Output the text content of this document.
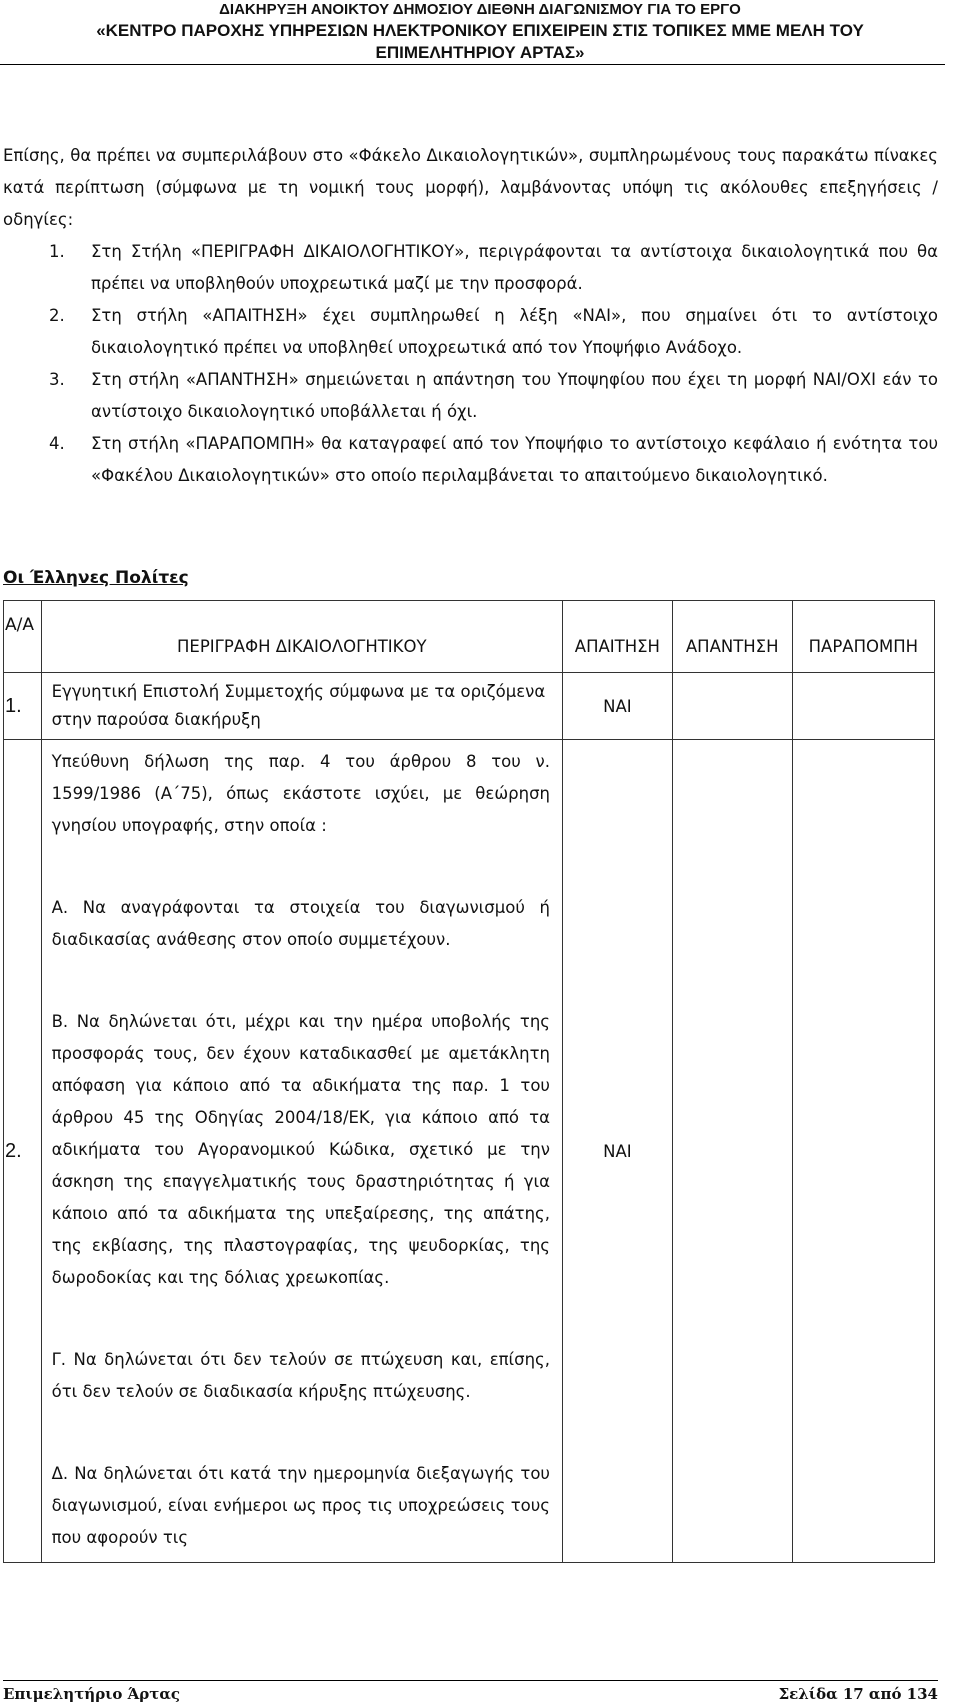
ΔΙΑΚΗΡΥΞΗ ΑΝΟΙΚΤΟΥ ΔΗΜΟΣΙΟΥ ΔΙΕΘΝΗ ΔΙΑΓΩΝΙΣΜΟΥ ΓΙΑ ΤΟ ΕΡΓΟ
«ΚΕΝΤΡΟ ΠΑΡΟΧΗΣ ΥΠΗΡΕΣΙΩΝ ΗΛΕΚΤΡΟΝΙΚΟΥ ΕΠΙΧΕΙΡΕΙΝ ΣΤΙΣ ΤΟΠΙΚΕΣ ΜΜΕ ΜΕΛΗ ΤΟΥ
ΕΠΙΜΕΛΗΤΗΡΙΟΥ ΑΡΤΑΣ»

Επίσης, θα πρέπει να συμπεριλάβουν στο «Φάκελο Δικαιολογητικών», συμπληρωμένους τους παρακάτω πίνακες κατά περίπτωση (σύμφωνα με τη νομική τους μορφή), λαμβάνοντας υπόψη τις ακόλουθες επεξηγήσεις / οδηγίες:

1. Στη Στήλη «ΠΕΡΙΓΡΑΦΗ ΔΙΚΑΙΟΛΟΓΗΤΙΚΟΥ», περιγράφονται τα αντίστοιχα δικαιολογητικά που θα πρέπει να υποβληθούν υποχρεωτικά μαζί με την προσφορά.
2. Στη στήλη «ΑΠΑΙΤΗΣΗ» έχει συμπληρωθεί η λέξη «ΝΑΙ», που σημαίνει ότι το αντίστοιχο δικαιολογητικό πρέπει να υποβληθεί υποχρεωτικά από τον Υποψήφιο Ανάδοχο.
3. Στη στήλη «ΑΠΑΝΤΗΣΗ» σημειώνεται η απάντηση του Υποψηφίου που έχει τη μορφή ΝΑΙ/ΟΧΙ εάν το αντίστοιχο δικαιολογητικό υποβάλλεται ή όχι.
4. Στη στήλη «ΠΑΡΑΠΟΜΠΗ» θα καταγραφεί από τον Υποψήφιο το αντίστοιχο κεφάλαιο ή ενότητα του «Φακέλου Δικαιολογητικών» στο οποίο περιλαμβάνεται το απαιτούμενο δικαιολογητικό.
Οι Έλληνες Πολίτες
Α/Α	ΠΕΡΙΓΡΑΦΗ ΔΙΚΑΙΟΛΟΓΗΤΙΚΟΥ	ΑΠΑΙΤΗΣΗ	ΑΠΑΝΤΗΣΗ	ΠΑΡΑΠΟΜΠΗ
1.	Εγγυητική Επιστολή Συμμετοχής σύμφωνα με τα οριζόμενα στην παρούσα διακήρυξη	ΝΑΙ		
2.	Υπεύθυνη δήλωση της παρ. 4 του άρθρου 8 του ν. 1599/1986 (Α΄75), όπως εκάστοτε ισχύει, με θεώρηση γνησίου υπογραφής, στην οποία :

Α. Να αναγράφονται τα στοιχεία του διαγωνισμού ή διαδικασίας ανάθεσης στον οποίο συμμετέχουν.

Β. Να δηλώνεται ότι, μέχρι και την ημέρα υποβολής της προσφοράς τους, δεν έχουν καταδικασθεί με αμετάκλητη απόφαση για κάποιο από τα αδικήματα της παρ. 1 του άρθρου 45 της Οδηγίας 2004/18/ΕΚ, για κάποιο από τα αδικήματα του Αγορανομικού Κώδικα, σχετικό με την άσκηση της επαγγελματικής τους δραστηριότητας ή για κάποιο από τα αδικήματα της υπεξαίρεσης, της απάτης, της εκβίασης, της πλαστογραφίας, της ψευδορκίας, της δωροδοκίας και της δόλιας χρεωκοπίας.

Γ. Να δηλώνεται ότι δεν τελούν σε πτώχευση και, επίσης, ότι δεν τελούν σε διαδικασία κήρυξης πτώχευσης.

Δ. Να δηλώνεται ότι κατά την ημερομηνία διεξαγωγής του διαγωνισμού, είναι ενήμεροι ως προς τις υποχρεώσεις τους που αφορούν τις	ΝΑΙ		
Επιμελητήριο Άρτας	Σελίδα 17 από 134
